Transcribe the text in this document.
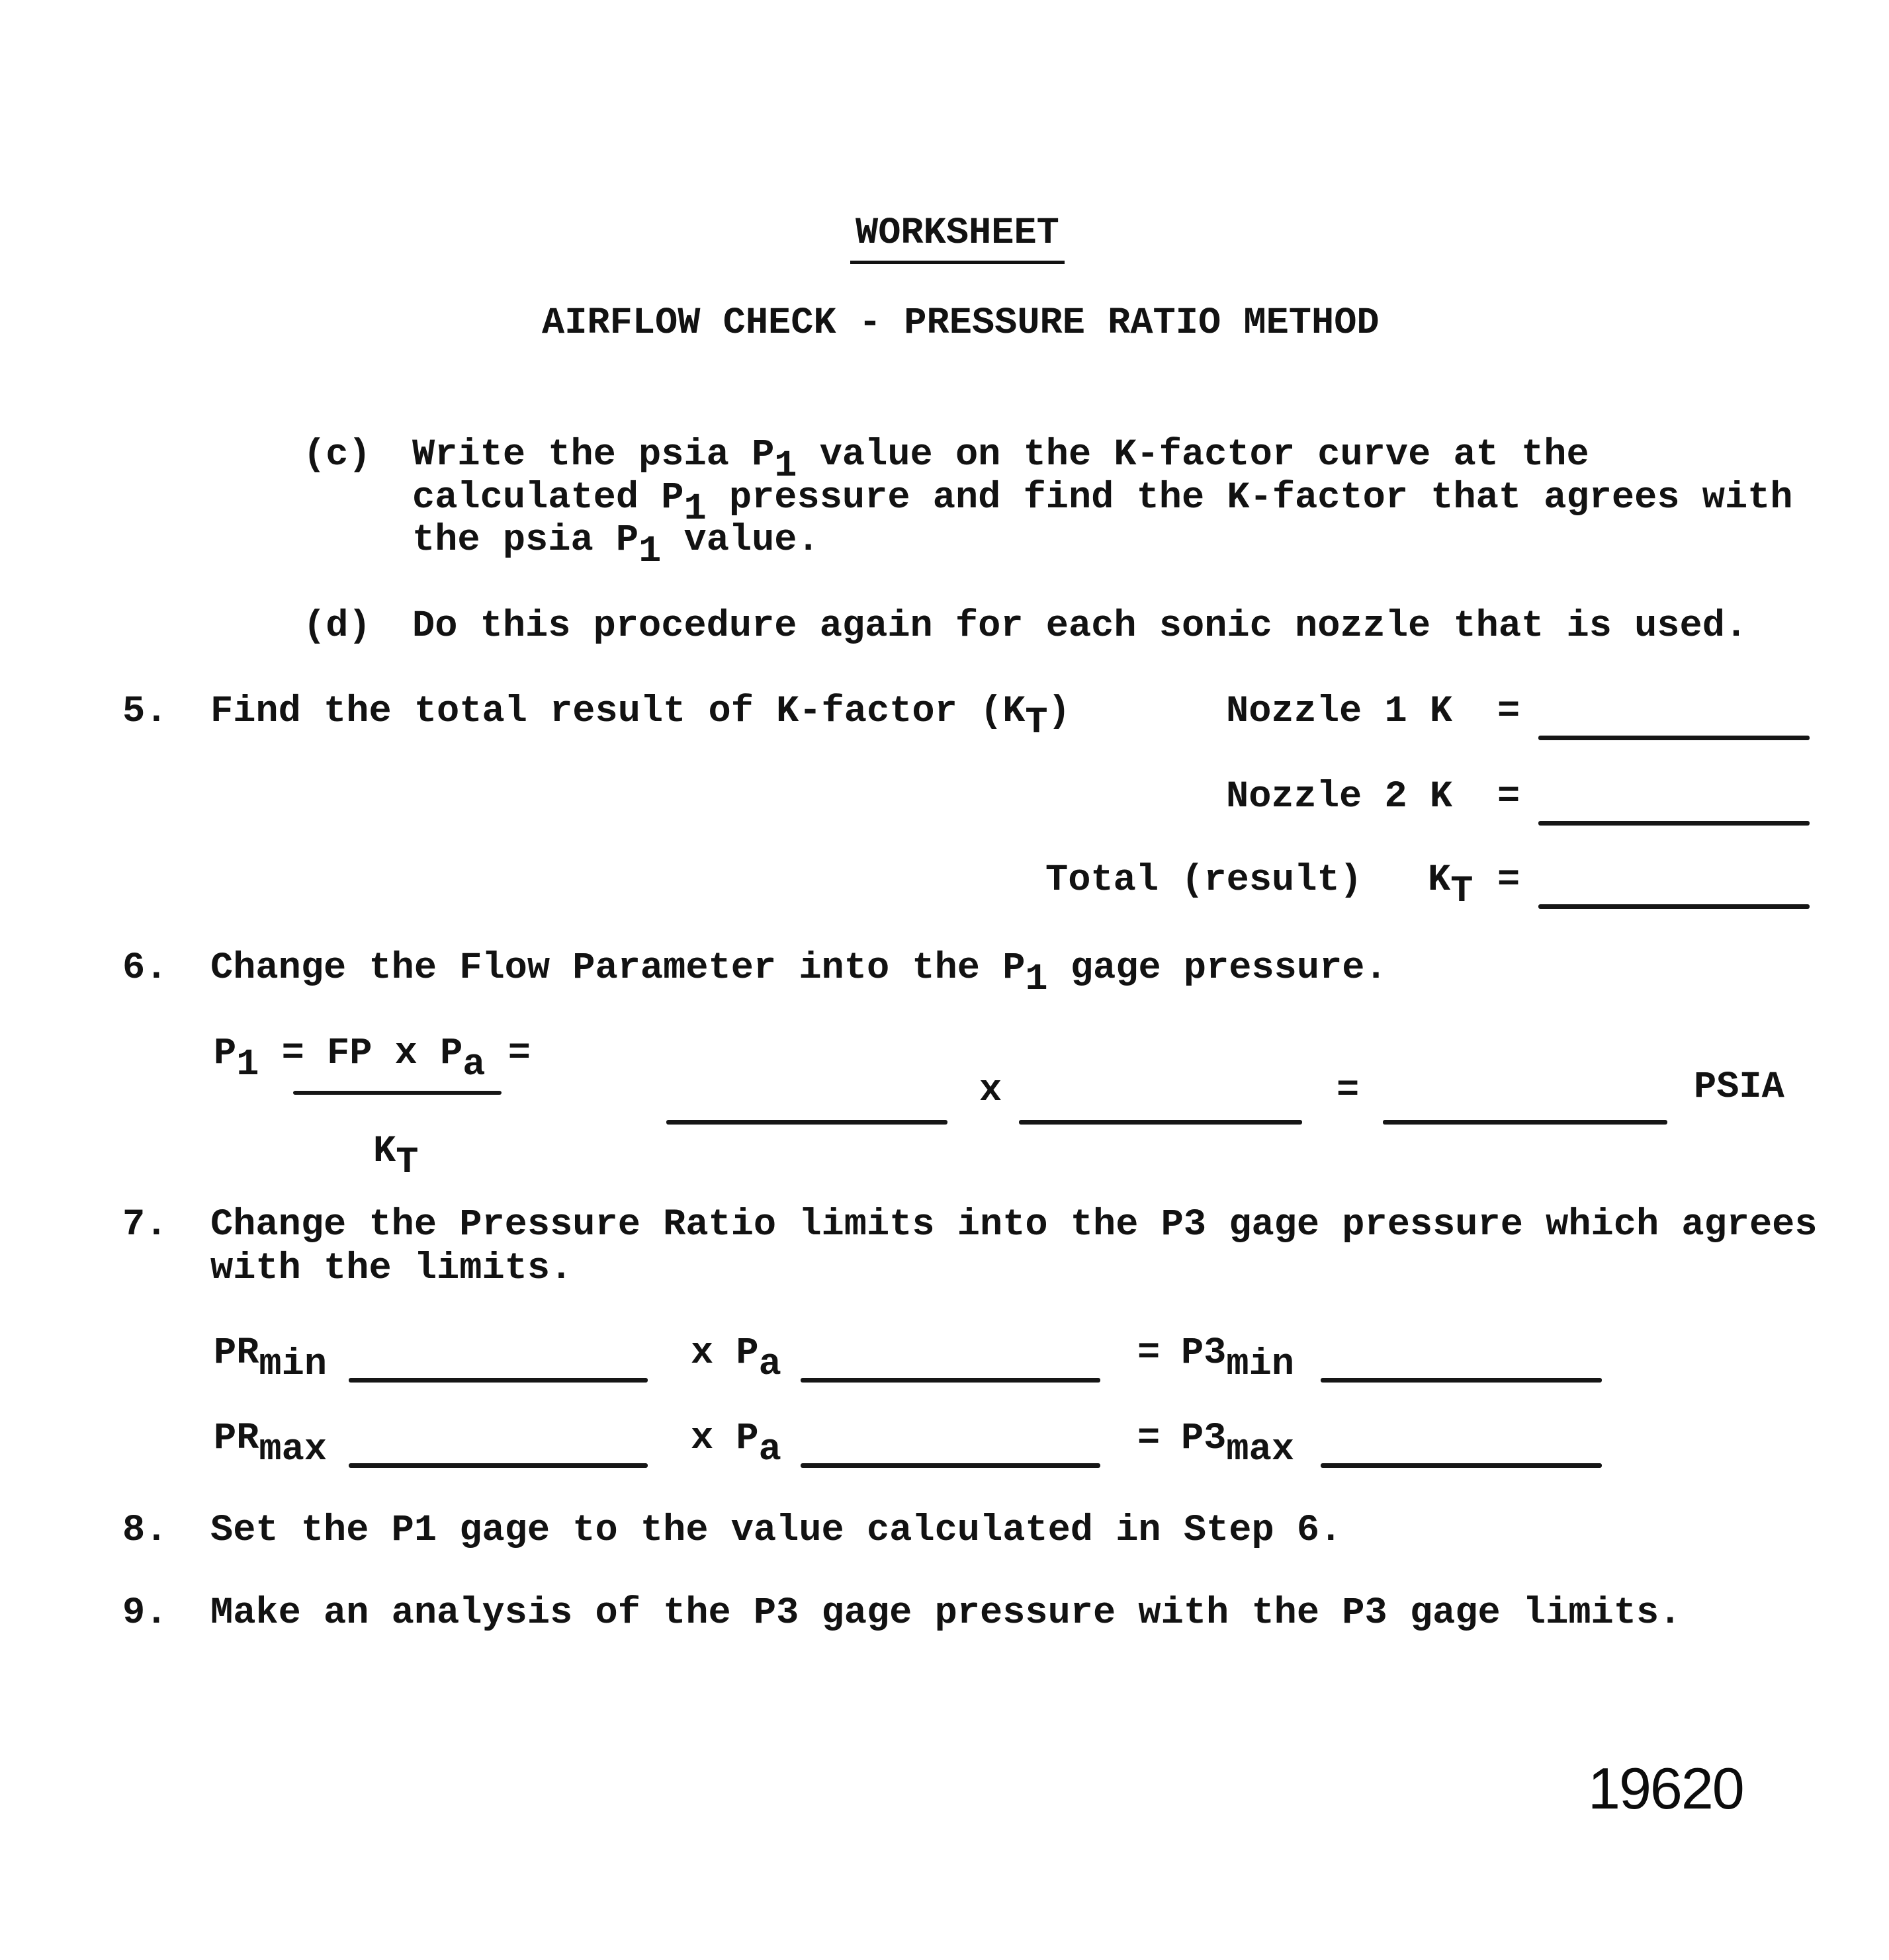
WORKSHEET
AIRFLOW CHECK - PRESSURE RATIO METHOD
(c) Write the psia P1 value on the K-factor curve at the
calculated P1 pressure and find the K-factor that agrees with
the psia P1 value.
(d) Do this procedure again for each sonic nozzle that is used.
5. Find the total result of K-factor (KT)	Nozzle 1 K =
Nozzle 2 K =
Total (result) KT =
6. Change the Flow Parameter into the P1 gage pressure.
P1 = FP x Pa =
KT
x	=	PSIA
7. Change the Pressure Ratio limits into the P3 gage pressure which agrees
with the limits.
PRmin	x Pa	= P3min
PRmax	x Pa	= P3max
8. Set the P1 gage to the value calculated in Step 6.
9. Make an analysis of the P3 gage pressure with the P3 gage limits.
19620
